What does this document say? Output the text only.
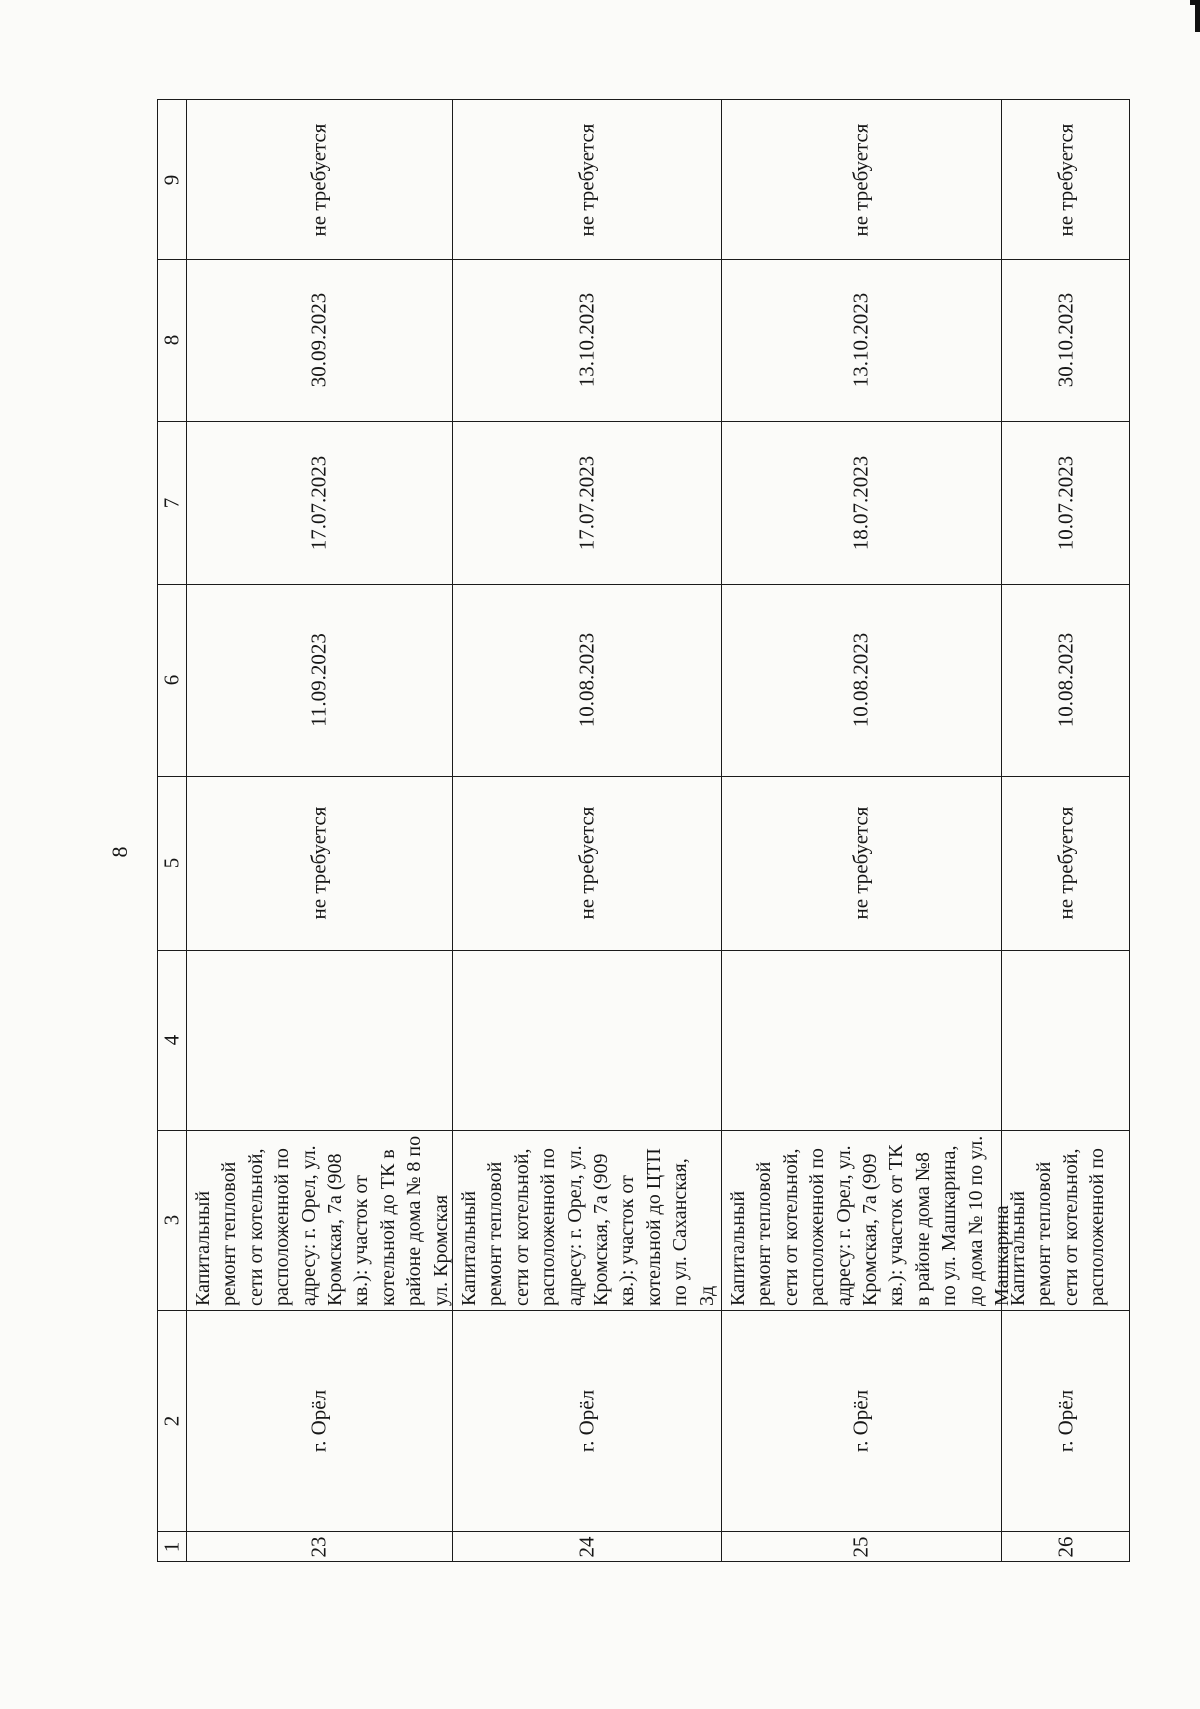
8
1
2
3
4
5
6
7
8
9
23
г. Орёл
не требуется
11.09.2023
17.07.2023
30.09.2023
не требуется
Капитальный ремонт тепловой сети от котельной, расположенной по адресу: г. Орел, ул. Кромская, 7а (908 кв.): участок от котельной до ТК в районе дома № 8 по ул. Кромская
24
г. Орёл
не требуется
10.08.2023
17.07.2023
13.10.2023
не требуется
Капитальный ремонт тепловой сети от котельной, расположенной по адресу: г. Орел, ул. Кромская, 7а (909 кв.): участок от котельной до ЦТП по ул. Саханская, 3д
25
г. Орёл
не требуется
10.08.2023
18.07.2023
13.10.2023
не требуется
Капитальный ремонт тепловой сети от котельной, расположенной по адресу: г. Орел, ул. Кромская, 7а (909 кв.): участок от ТК в районе дома №8 по ул. Машкарина, до дома № 10 по ул. Машкарина
26
г. Орёл
не требуется
10.08.2023
10.07.2023
30.10.2023
не требуется
Капитальный ремонт тепловой сети от котельной, расположенной по
